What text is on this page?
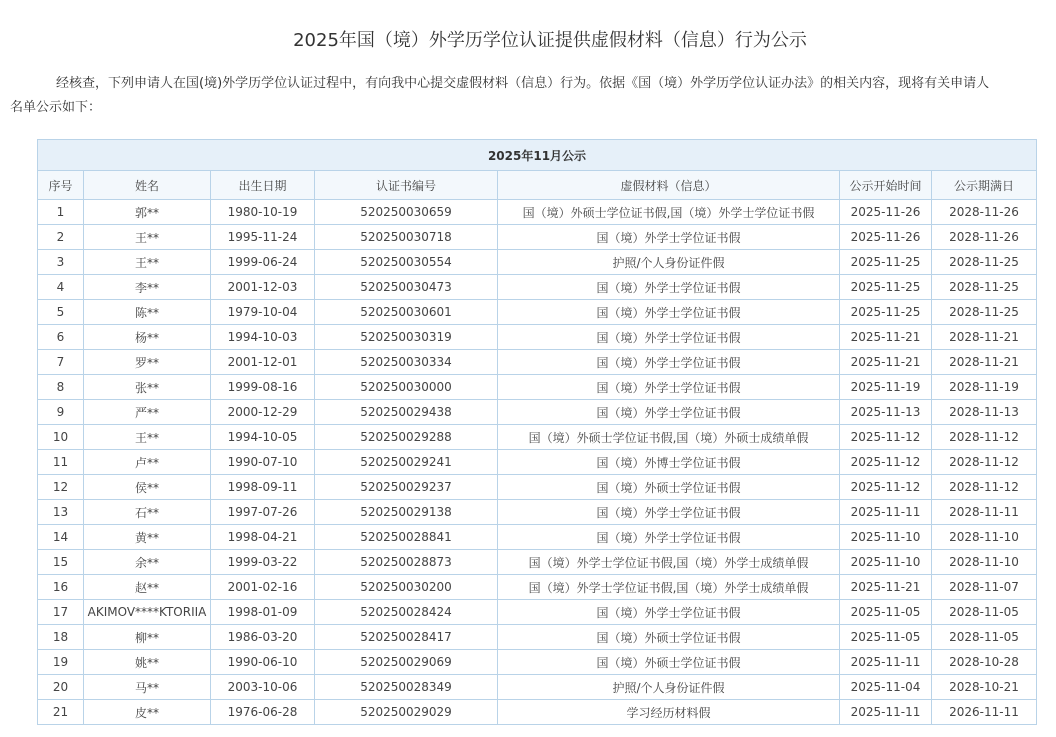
2025年国（境）外学历学位认证提供虚假材料（信息）行为公示
经核查，下列申请人在国(境)外学历学位认证过程中，有向我中心提交虚假材料（信息）行为。依据《国（境）外学历学位认证办法》的相关内容，现将有关申请人
名单公示如下：
2025年11月公示						
序号	姓名	出生日期	认证书编号	虚假材料（信息）	公示开始时间	公示期满日
1	郭**	1980-10-19	520250030659	国（境）外硕士学位证书假,国（境）外学士学位证书假	2025-11-26	2028-11-26
2	王**	1995-11-24	520250030718	国（境）外学士学位证书假	2025-11-26	2028-11-26
3	王**	1999-06-24	520250030554	护照/个人身份证件假	2025-11-25	2028-11-25
4	李**	2001-12-03	520250030473	国（境）外学士学位证书假	2025-11-25	2028-11-25
5	陈**	1979-10-04	520250030601	国（境）外学士学位证书假	2025-11-25	2028-11-25
6	杨**	1994-10-03	520250030319	国（境）外学士学位证书假	2025-11-21	2028-11-21
7	罗**	2001-12-01	520250030334	国（境）外学士学位证书假	2025-11-21	2028-11-21
8	张**	1999-08-16	520250030000	国（境）外学士学位证书假	2025-11-19	2028-11-19
9	严**	2000-12-29	520250029438	国（境）外学士学位证书假	2025-11-13	2028-11-13
10	王**	1994-10-05	520250029288	国（境）外硕士学位证书假,国（境）外硕士成绩单假	2025-11-12	2028-11-12
11	卢**	1990-07-10	520250029241	国（境）外博士学位证书假	2025-11-12	2028-11-12
12	侯**	1998-09-11	520250029237	国（境）外硕士学位证书假	2025-11-12	2028-11-12
13	石**	1997-07-26	520250029138	国（境）外学士学位证书假	2025-11-11	2028-11-11
14	黄**	1998-04-21	520250028841	国（境）外学士学位证书假	2025-11-10	2028-11-10
15	余**	1999-03-22	520250028873	国（境）外学士学位证书假,国（境）外学士成绩单假	2025-11-10	2028-11-10
16	赵**	2001-02-16	520250030200	国（境）外学士学位证书假,国（境）外学士成绩单假	2025-11-21	2028-11-07
17	AKIMOV****KTORIIA	1998-01-09	520250028424	国（境）外学士学位证书假	2025-11-05	2028-11-05
18	柳**	1986-03-20	520250028417	国（境）外硕士学位证书假	2025-11-05	2028-11-05
19	姚**	1990-06-10	520250029069	国（境）外硕士学位证书假	2025-11-11	2028-10-28
20	马**	2003-10-06	520250028349	护照/个人身份证件假	2025-11-04	2028-10-21
21	皮**	1976-06-28	520250029029	学习经历材料假	2025-11-11	2026-11-11
